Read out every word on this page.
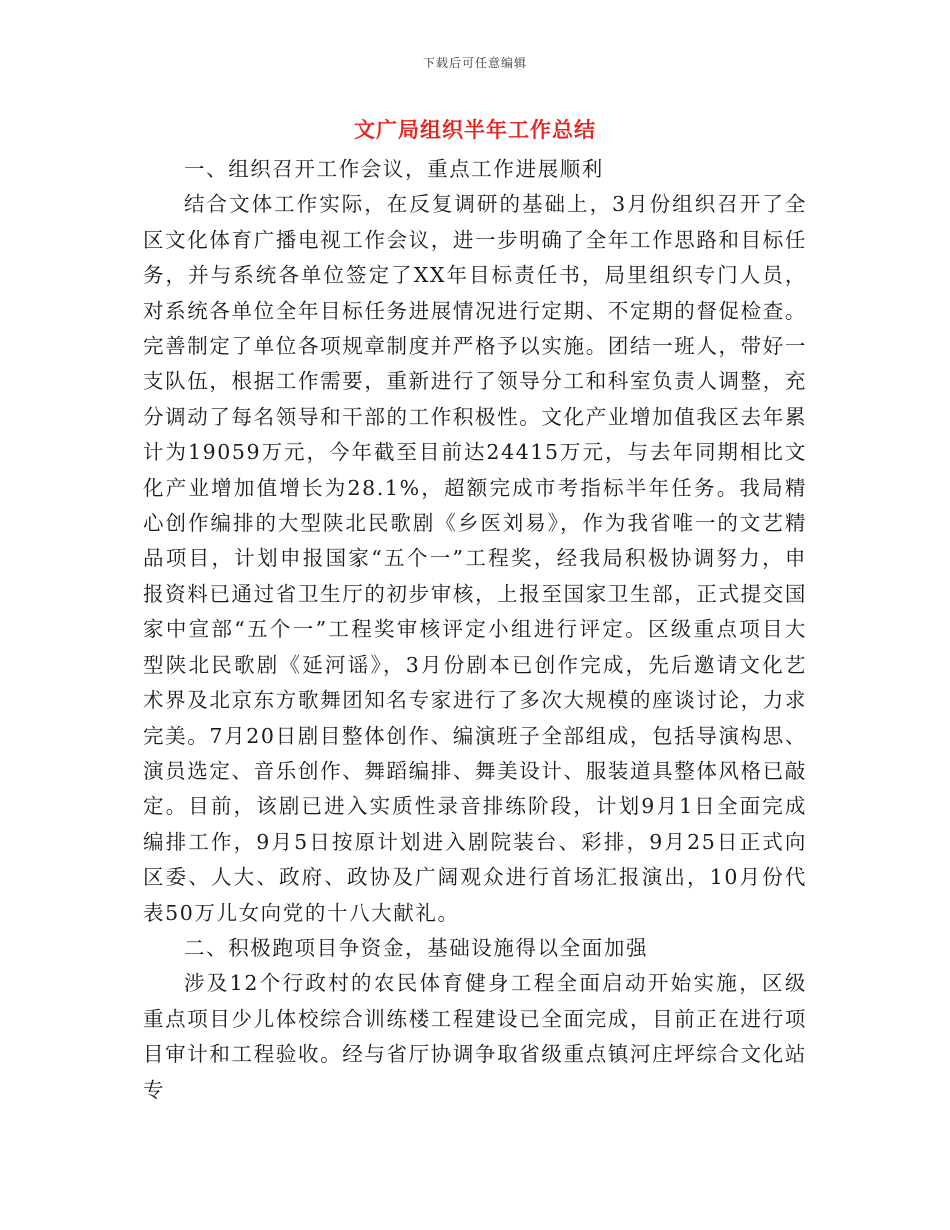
下载后可任意编辑
文广局组织半年工作总结

一、组织召开工作会议，重点工作进展顺利

结合文体工作实际，在反复调研的基础上，3月份组织召开了全区文化体育广播电视工作会议，进一步明确了全年工作思路和目标任务，并与系统各单位签定了XX年目标责任书，局里组织专门人员，对系统各单位全年目标任务进展情况进行定期、不定期的督促检查。完善制定了单位各项规章制度并严格予以实施。团结一班人，带好一支队伍，根据工作需要，重新进行了领导分工和科室负责人调整，充分调动了每名领导和干部的工作积极性。文化产业增加值我区去年累计为19059万元，今年截至目前达24415万元，与去年同期相比文化产业增加值增长为28.1%，超额完成市考指标半年任务。我局精心创作编排的大型陕北民歌剧《乡医刘易》，作为我省唯一的文艺精品项目，计划申报国家“五个一”工程奖，经我局积极协调努力，申报资料已通过省卫生厅的初步审核，上报至国家卫生部，正式提交国家中宣部“五个一”工程奖审核评定小组进行评定。区级重点项目大型陕北民歌剧《延河谣》，3月份剧本已创作完成，先后邀请文化艺术界及北京东方歌舞团知名专家进行了多次大规模的座谈讨论，力求完美。7月20日剧目整体创作、编演班子全部组成，包括导演构思、演员选定、音乐创作、舞蹈编排、舞美设计、服装道具整体风格已敲定。目前，该剧已进入实质性录音排练阶段，计划9月1日全面完成编排工作，9月5日按原计划进入剧院装台、彩排，9月25日正式向区委、人大、政府、政协及广阔观众进行首场汇报演出，10月份代表50万儿女向党的十八大献礼。

二、积极跑项目争资金，基础设施得以全面加强

涉及12个行政村的农民体育健身工程全面启动开始实施，区级重点项目少儿体校综合训练楼工程建设已全面完成，目前正在进行项目审计和工程验收。经与省厅协调争取省级重点镇河庄坪综合文化站专
